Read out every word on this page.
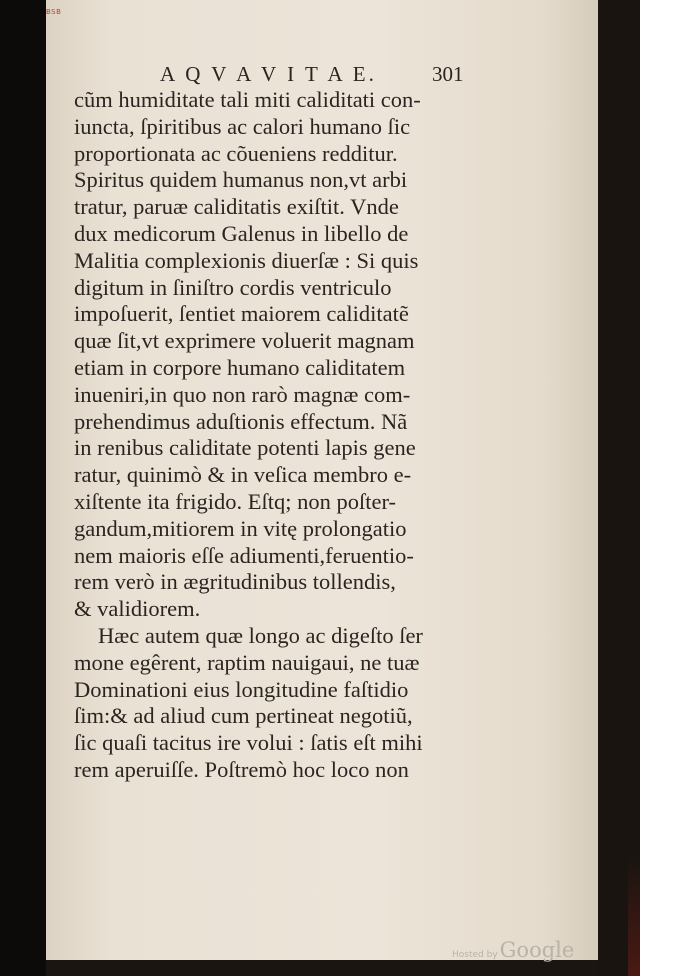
BSB
A Q V A V I T A E.	301
cũm humiditate tali miti caliditati con-
iuncta, ſpiritibus ac calori humano ſic
proportionata ac cõueniens redditur.
Spiritus quidem humanus non,vt arbi
tratur, paruæ caliditatis exiſtit. Vnde
dux medicorum Galenus in libello de
Malitia complexionis diuerſæ : Si quis
digitum in ſiniſtro cordis ventriculo
impoſuerit, ſentiet maiorem caliditatẽ
quæ ſit,vt exprimere voluerit magnam
etiam in corpore humano caliditatem
inueniri,in quo non rarò magnæ com-
prehendimus aduſtionis effectum. Nã
in renibus caliditate potenti lapis gene
ratur, quinimò & in veſica membro e-
xiſtente ita frigido. Eſtq; non poſter-
gandum,mitiorem in vitę prolongatio
nem maioris eſſe adiumenti,feruentio-
rem verò in ægritudinibus tollendis,
& validiorem.
Hæc autem quæ longo ac digeſto ſer
mone egêrent, raptim nauigaui, ne tuæ
Dominationi eius longitudine faſtidio
ſim:& ad aliud cum pertineat negotiũ,
ſic quaſi tacitus ire volui : ſatis eſt mihi
rem aperuiſſe. Poſtremò hoc loco non
Hosted byGoogle
